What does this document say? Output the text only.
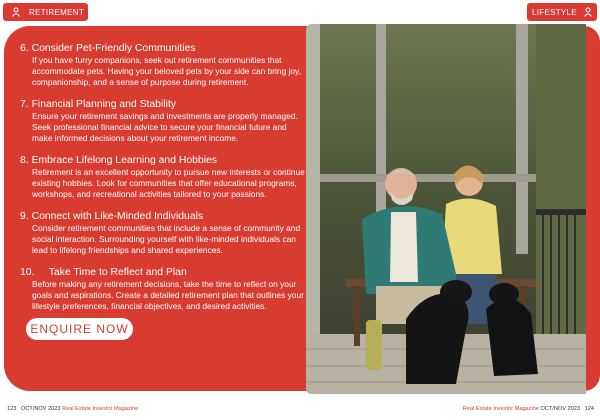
RETIREMENT	LIFESTYLE
6. Consider Pet-Friendly Communities
If you have furry companions, seek out retirement communities that accommodate pets. Having your beloved pets by your side can bring joy, companionship, and a sense of purpose during retirement.
7. Financial Planning and Stability
Ensure your retirement savings and investments are properly managed. Seek professional financial advice to secure your financial future and make informed decisions about your retirement income.
8. Embrace Lifelong Learning and Hobbies
Retirement is an excellent opportunity to pursue new interests or continue existing hobbies. Look for communities that offer educational programs, workshops, and recreational activities tailored to your passions.
9. Connect with Like-Minded Individuals
Consider retirement communities that include a sense of community and social interaction. Surrounding yourself with like-minded individuals can lead to lifelong friendships and shared experiences.
10. Take Time to Reflect and Plan
Before making any retirement decisions, take the time to reflect on your goals and aspirations. Create a detailed retirement plan that outlines your lifestyle preferences, financial objectives, and desired activities.
ENQUIRE NOW
123 OCT/NOV 2023 Real Estate Investor Magazine	Real Estate Investor Magazine OCT/NOV 2023 124
